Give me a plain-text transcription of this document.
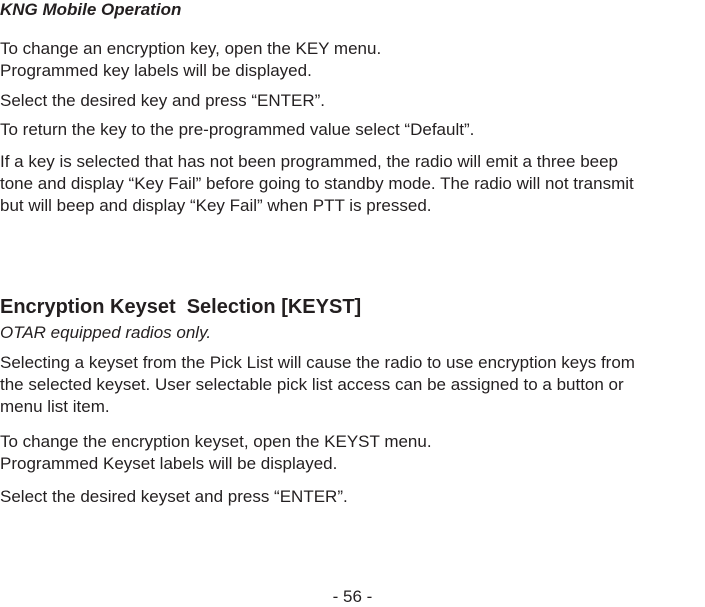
KNG Mobile Operation

To change an encryption key, open the KEY menu.
Programmed key labels will be displayed.

Select the desired key and press “ENTER”.

To return the key to the pre-programmed value select “Default”.

If a key is selected that has not been programmed, the radio will emit a three beep
tone and display “Key Fail” before going to standby mode. The radio will not transmit
but will beep and display “Key Fail” when PTT is pressed.

Encryption Keyset  Selection [KEYST]

OTAR equipped radios only.

Selecting a keyset from the Pick List will cause the radio to use encryption keys from
the selected keyset. User selectable pick list access can be assigned to a button or
menu list item.

To change the encryption keyset, open the KEYST menu.
Programmed Keyset labels will be displayed.

Select the desired keyset and press “ENTER”.

- 56 -
